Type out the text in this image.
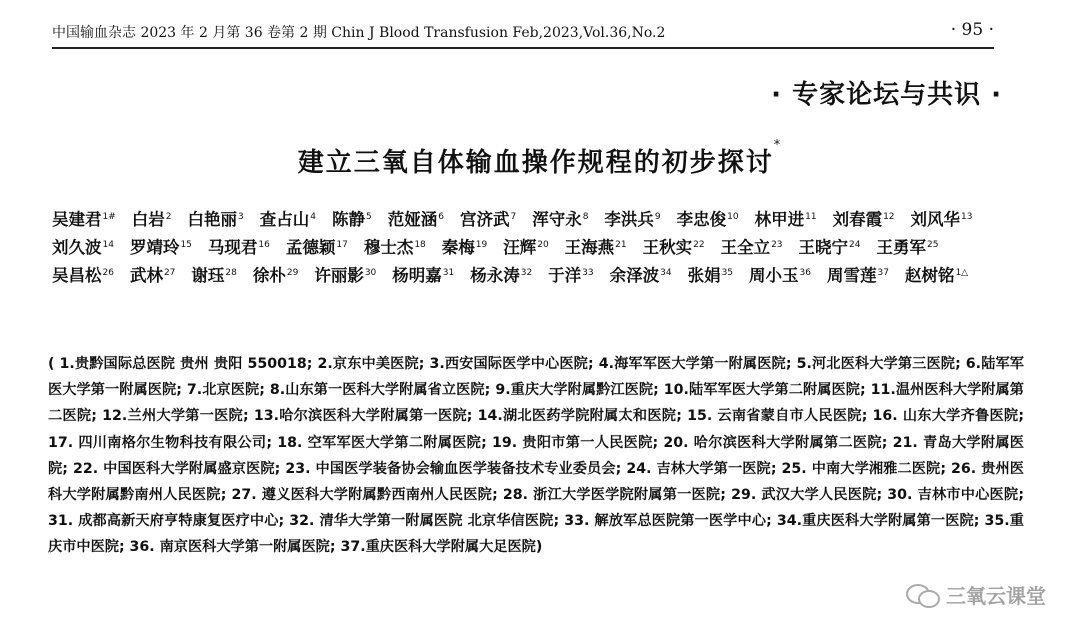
中国输血杂志 2023 年 2 月第 36 卷第 2 期 Chin J Blood Transfusion Feb,2023,Vol.36,No.2	· 95 ·
· 专家论坛与共识 ·
建立三氧自体输血操作规程的初步探讨*
吴建君$^{1\#}$ 白岩$^2$ 白艳丽$^3$ 查占山$^4$ 陈静$^5$ 范娅涵$^6$ 宫济武$^7$ 浑守永$^8$ 李洪兵$^9$ 李忠俊$^{10}$ 林甲进$^{11}$ 刘春霞$^{12}$ 刘风华$^{13}$刘久波$^{14}$ 罗靖玲$^{15}$ 马现君$^{16}$ 孟德颖$^{17}$ 穆士杰$^{18}$ 秦梅$^{19}$ 汪辉$^{20}$ 王海燕$^{21}$ 王秋实$^{22}$ 王全立$^{23}$ 王晓宁$^{24}$ 王勇军$^{25}$吴昌松$^{26}$ 武林$^{27}$ 谢珏$^{28}$ 徐朴$^{29}$ 许丽影$^{30}$ 杨明嘉$^{31}$ 杨永涛$^{32}$ 于洋$^{33}$ 余泽波$^{34}$ 张娟$^{35}$ 周小玉$^{36}$ 周雪莲$^{37}$ 赵树铭$^{1\triangle}$
( 1.贵黔国际总医院 贵州 贵阳 550018; 2.京东中美医院; 3.西安国际医学中心医院; 4.海军军医大学第一附属医院; 5.河北医科大学第三医院; 6.陆军军医大学第一附属医院; 7.北京医院; 8.山东第一医科大学附属省立医院; 9.重庆大学附属黔江医院; 10.陆军军医大学第二附属医院; 11.温州医科大学附属第二医院; 12.兰州大学第一医院; 13.哈尔滨医科大学附属第一医院; 14.湖北医药学院附属太和医院; 15. 云南省蒙自市人民医院; 16. 山东大学齐鲁医院; 17. 四川南格尔生物科技有限公司; 18. 空军军医大学第二附属医院; 19. 贵阳市第一人民医院; 20. 哈尔滨医科大学附属第二医院; 21. 青岛大学附属医院; 22. 中国医科大学附属盛京医院; 23. 中国医学装备协会输血医学装备技术专业委员会; 24. 吉林大学第一医院; 25. 中南大学湘雅二医院; 26. 贵州医科大学附属黔南州人民医院; 27. 遵义医科大学附属黔西南州人民医院; 28. 浙江大学医学院附属第一医院; 29. 武汉大学人民医院; 30. 吉林市中心医院; 31. 成都高新天府亨特康复医疗中心; 32. 清华大学第一附属医院 北京华信医院; 33. 解放军总医院第一医学中心; 34.重庆医科大学附属第一医院; 35.重庆市中医院; 36. 南京医科大学第一附属医院; 37.重庆医科大学附属大足医院)
三氧云课堂
